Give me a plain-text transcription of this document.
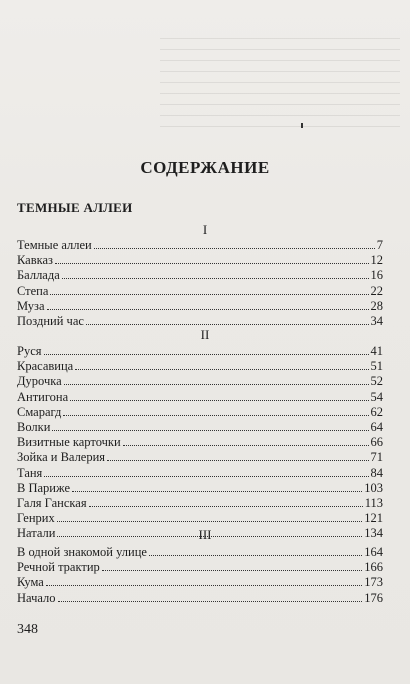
СОДЕРЖАНИЕ
ТЕМНЫЕ АЛЛЕИ
I
Темные аллеи	7
Кавказ	12
Баллада	16
Степа	22
Муза	28
Поздний час	34
II
Руся	41
Красавица	51
Дурочка	52
Антигона	54
Смарагд	62
Волки	64
Визитные карточки	66
Зойка и Валерия	71
Таня	84
В Париже	103
Галя Ганская	113
Генрих	121
Натали	134
III
В одной знакомой улице	164
Речной трактир	166
Кума	173
Начало	176
348
